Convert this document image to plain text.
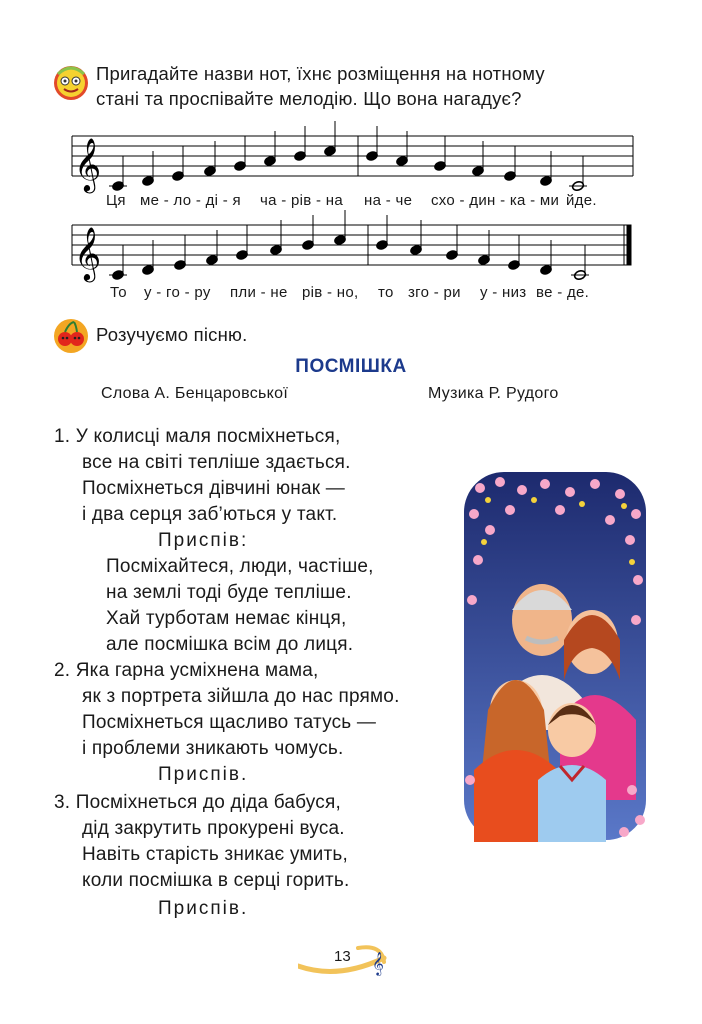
Пригадайте назви нот, їхнє розміщення на нотному
стані та проспівайте мелодію. Що вона нагадує?
𝄞
𝄞
Ця ме - ло - ді - я ча - рів - на на - че схо - дин - ка - ми йде.
То у - го - ру пли - не рів - но, то зго - ри у - низ ве - де.
Розучуємо пісню.
ПОСМІШКА
Слова А. Бенцаровської	Музика Р. Рудого
1. У колисці маля посміхнеться,
все на світі тепліше здається.
Посміхнеться дівчині юнак —
і два серця заб’ються у такт.
Приспів:
Посміхайтеся, люди, частіше,
на землі тоді буде тепліше.
Хай турботам немає кінця,
але посмішка всім до лиця.
2. Яка гарна усміхнена мама,
як з портрета зійшла до нас прямо.
Посміхнеться щасливо татусь —
і проблеми зникають чомусь.
Приспів.
3. Посміхнеться до діда бабуся,
дід закрутить прокурені вуса.
Навіть старість зникає умить,
коли посмішка в серці горить.
Приспів.
𝄞
13
